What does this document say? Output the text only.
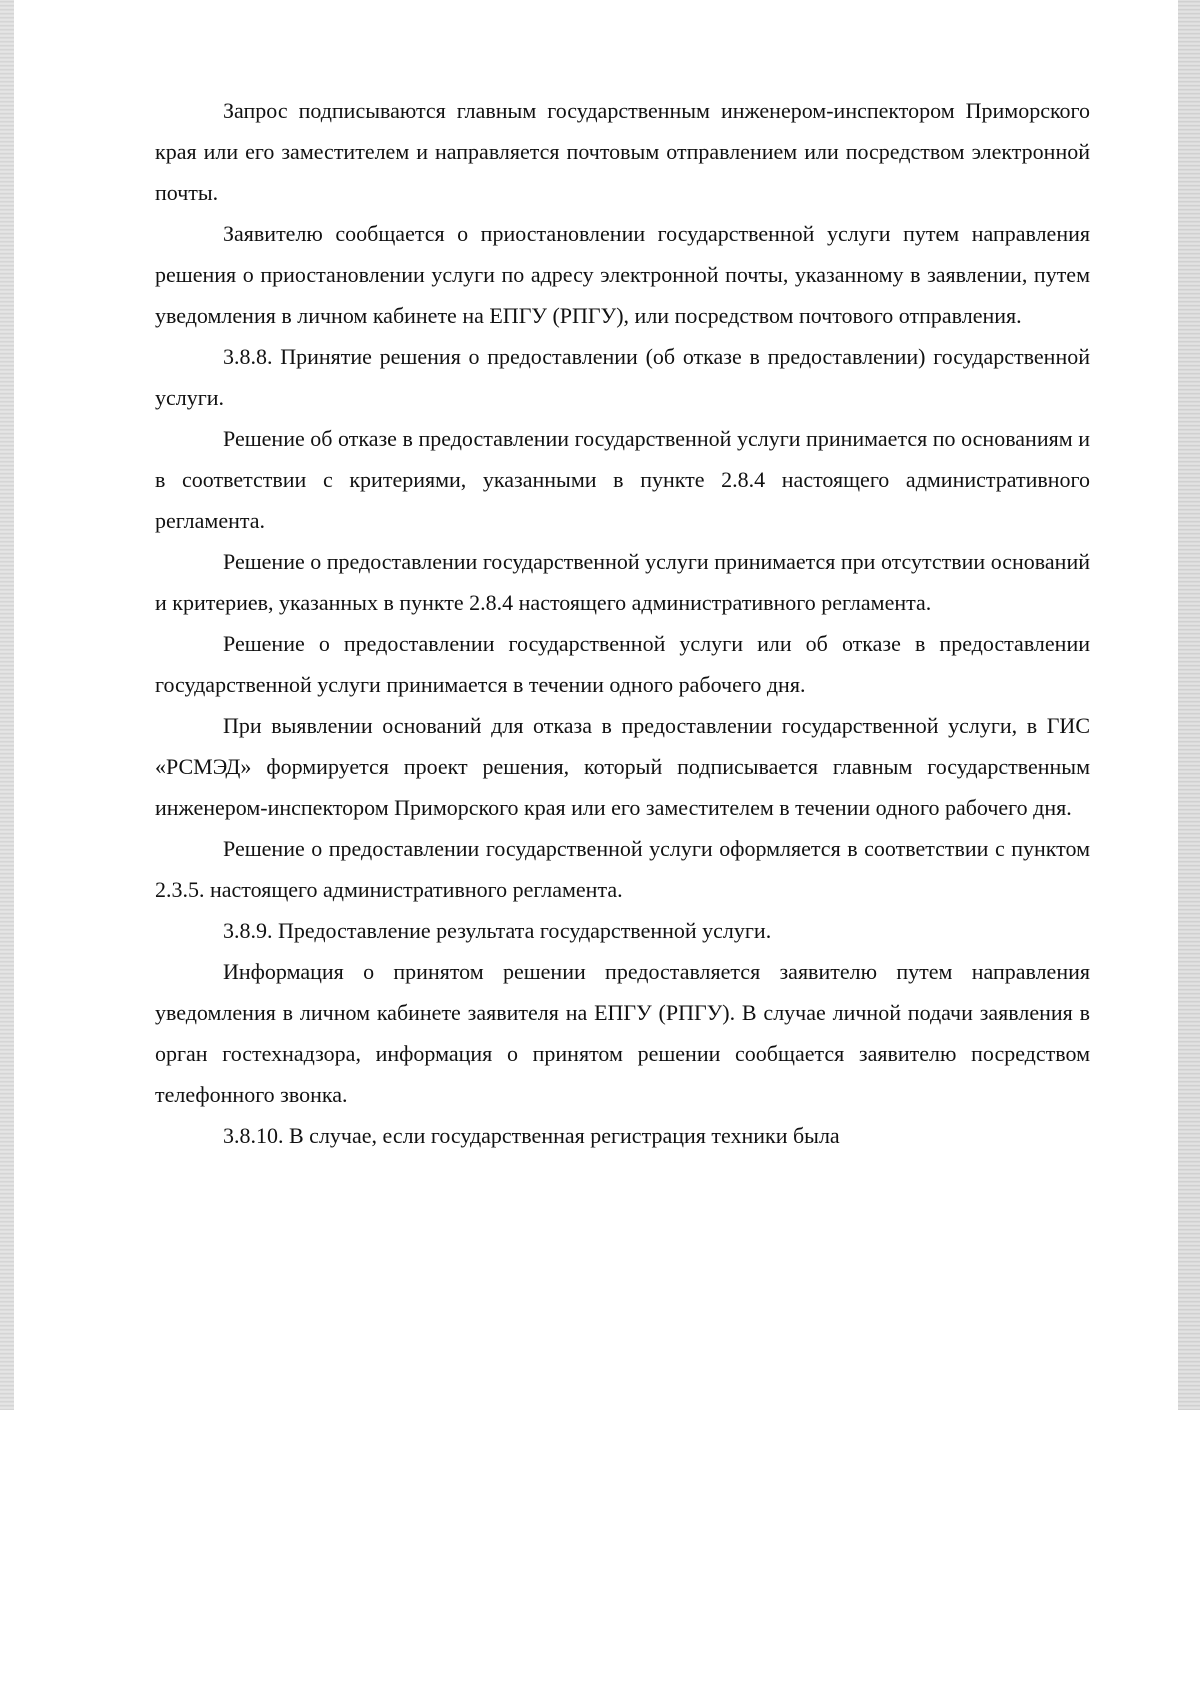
Запрос подписываются главным государственным инженером-инспектором Приморского края или его заместителем и направляется почтовым отправлением или посредством электронной почты.

Заявителю сообщается о приостановлении государственной услуги путем направления решения о приостановлении услуги по адресу электронной почты, указанному в заявлении, путем уведомления в личном кабинете на ЕПГУ (РПГУ), или посредством почтового отправления.

3.8.8. Принятие решения о предоставлении (об отказе в предоставлении) государственной услуги.

Решение об отказе в предоставлении государственной услуги принимается по основаниям и в соответствии с критериями, указанными в пункте 2.8.4 настоящего административного регламента.

Решение о предоставлении государственной услуги принимается при отсутствии оснований и критериев, указанных в пункте 2.8.4 настоящего административного регламента.

Решение о предоставлении государственной услуги или об отказе в предоставлении государственной услуги принимается в течении одного рабочего дня.

При выявлении оснований для отказа в предоставлении государственной услуги, в ГИС «РСМЭД» формируется проект решения, который подписывается главным государственным инженером-инспектором Приморского края или его заместителем в течении одного рабочего дня.

Решение о предоставлении государственной услуги оформляется в соответствии с пунктом 2.3.5. настоящего административного регламента.

3.8.9. Предоставление результата государственной услуги.

Информация о принятом решении предоставляется заявителю путем направления уведомления в личном кабинете заявителя на ЕПГУ (РПГУ). В случае личной подачи заявления в орган гостехнадзора, информация о принятом решении сообщается заявителю посредством телефонного звонка.

3.8.10. В случае, если государственная регистрация техники была
